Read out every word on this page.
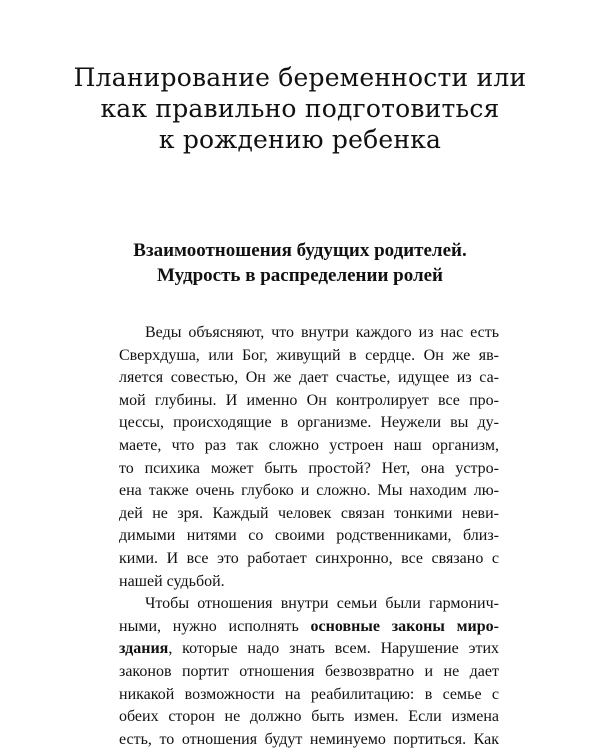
Планирование беременности или
как правильно подготовиться
к рождению ребенка
Взаимоотношения будущих родителей.
Мудрость в распределении ролей
Веды объясняют, что внутри каждого из нас есть
Сверхдуша, или Бог, живущий в сердце. Он же яв-
ляется совестью, Он же дает счастье, идущее из са-
мой глубины. И именно Он контролирует все про-
цессы, происходящие в организме. Неужели вы ду-
маете, что раз так сложно устроен наш организм,
то психика может быть простой? Нет, она устро-
ена также очень глубоко и сложно. Мы находим лю-
дей не зря. Каждый человек связан тонкими неви-
димыми нитями со своими родственниками, близ-
кими. И все это работает синхронно, все связано с
нашей судьбой.
Чтобы отношения внутри семьи были гармонич-
ными, нужно исполнять основные законы миро-
здания, которые надо знать всем. Нарушение этих
законов портит отношения безвозвратно и не дает
никакой возможности на реабилитацию: в семье с
обеих сторон не должно быть измен. Если измена
есть, то отношения будут неминуемо портиться. Как
